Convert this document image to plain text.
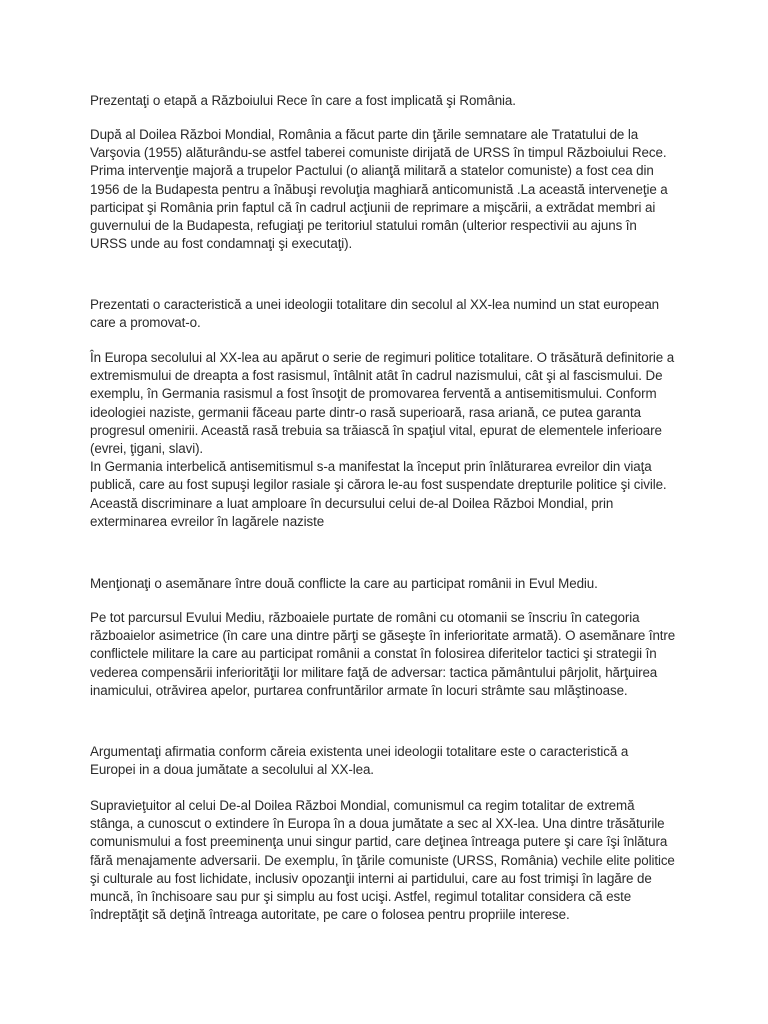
Prezentaţi o etapă a Războiului Rece în care a fost implicată şi România.

După al Doilea Război Mondial, România a făcut parte din ţările semnatare ale Tratatului de la
Varşovia (1955) alăturându-se astfel taberei comuniste dirijată de URSS în timpul Războiului Rece.
Prima intervenţie majoră a trupelor Pactului (o alianţă militară a statelor comuniste) a fost cea din
1956 de la Budapesta pentru a înăbuşi revoluţia maghiară anticomunistă .La această interveneţie a
participat şi România prin faptul că în cadrul acţiunii de reprimare a mişcării, a extrădat membri ai
guvernului de la Budapesta, refugiaţi pe teritoriul statului român (ulterior respectivii au ajuns în
URSS unde au fost condamnaţi şi executaţi).

Prezentati o caracteristică a unei ideologii totalitare din secolul al XX-lea numind un stat european
care a promovat-o.

În Europa secolului al XX-lea au apărut o serie de regimuri politice totalitare. O trăsătură definitorie a
extremismului de dreapta a fost rasismul, întâlnit atât în cadrul nazismului, cât şi al fascismului. De
exemplu, în Germania rasismul a fost însoţit de promovarea ferventă a antisemitismului. Conform
ideologiei naziste, germanii făceau parte dintr-o rasă superioară, rasa ariană, ce putea garanta
progresul omenirii. Această rasă trebuia sa trăiască în spaţiul vital, epurat de elementele inferioare
(evrei, ţigani, slavi).
In Germania interbelică antisemitismul s-a manifestat la început prin înlăturarea evreilor din viaţa
publică, care au fost supuşi legilor rasiale şi cărora le-au fost suspendate drepturile politice şi civile.
Această discriminare a luat amploare în decursului celui de-al Doilea Război Mondial, prin
exterminarea evreilor în lagărele naziste

Menţionaţi o asemănare între două conflicte la care au participat românii in Evul Mediu.

Pe tot parcursul Evului Mediu, războaiele purtate de români cu otomanii se înscriu în categoria
războaielor asimetrice (în care una dintre părţi se găseşte în inferioritate armată). O asemănare între
conflictele militare la care au participat românii a constat în folosirea diferitelor tactici şi strategii în
vederea compensării inferiorităţii lor militare faţă de adversar: tactica pământului pârjolit, hărţuirea
inamicului, otrăvirea apelor, purtarea confruntărilor armate în locuri strâmte sau mlăştinoase.

Argumentaţi afirmatia conform căreia existenta unei ideologii totalitare este o caracteristică a
Europei in a doua jumătate a secolului al XX-lea.

Supravieţuitor al celui De-al Doilea Război Mondial, comunismul ca regim totalitar de extremă
stânga, a cunoscut o extindere în Europa în a doua jumătate a sec al XX-lea. Una dintre trăsăturile
comunismului a fost preeminenţa unui singur partid, care deţinea întreaga putere şi care îşi înlătura
fără menajamente adversarii. De exemplu, în ţările comuniste (URSS, România) vechile elite politice
şi culturale au fost lichidate, inclusiv opozanţii interni ai partidului, care au fost trimişi în lagăre de
muncă, în închisoare sau pur şi simplu au fost ucişi. Astfel, regimul totalitar considera că este
îndreptăţit să deţină întreaga autoritate, pe care o folosea pentru propriile interese.
